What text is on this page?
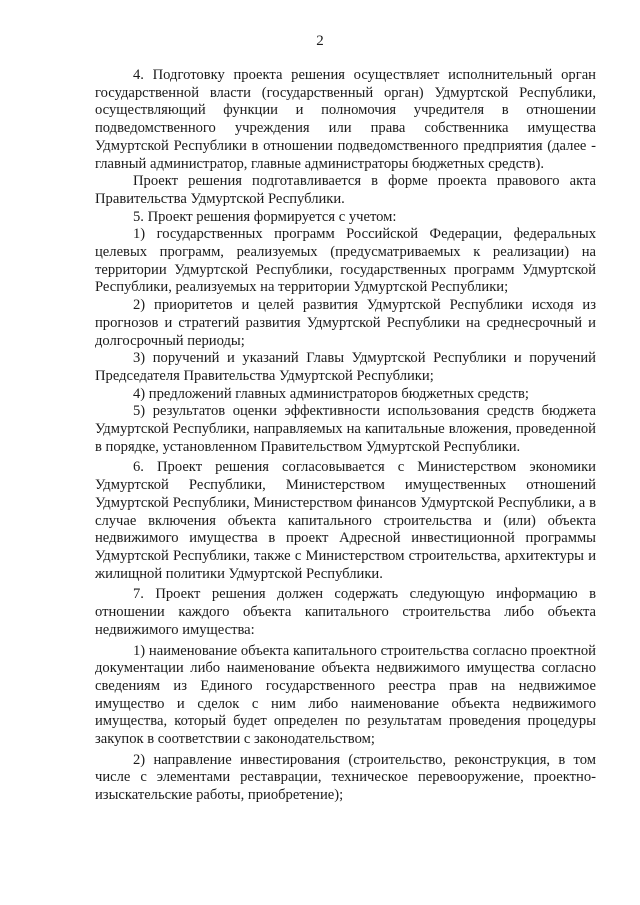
2

4. Подготовку проекта решения осуществляет исполнительный орган государственной власти (государственный орган) Удмуртской Республики, осуществляющий функции и полномочия учредителя в отношении подведомственного учреждения или права собственника имущества Удмуртской Республики в отношении подведомственного предприятия (далее - главный администратор, главные администраторы бюджетных средств).

Проект решения подготавливается в форме проекта правового акта Правительства Удмуртской Республики.

5. Проект решения формируется с учетом:

1) государственных программ Российской Федерации, федеральных целевых программ, реализуемых (предусматриваемых к реализации) на территории Удмуртской Республики, государственных программ Удмуртской Республики, реализуемых на территории Удмуртской Республики;

2) приоритетов и целей развития Удмуртской Республики исходя из прогнозов и стратегий развития Удмуртской Республики на среднесрочный и долгосрочный периоды;

3) поручений и указаний Главы Удмуртской Республики и поручений Председателя Правительства Удмуртской Республики;

4) предложений главных администраторов бюджетных средств;

5) результатов оценки эффективности использования средств бюджета Удмуртской Республики, направляемых на капитальные вложения, проведенной в порядке, установленном Правительством Удмуртской Республики.

6. Проект решения согласовывается с Министерством экономики Удмуртской Республики, Министерством имущественных отношений Удмуртской Республики, Министерством финансов Удмуртской Республики, а в случае включения объекта капитального строительства и (или) объекта недвижимого имущества в проект Адресной инвестиционной программы Удмуртской Республики, также с Министерством строительства, архитектуры и жилищной политики Удмуртской Республики.

7. Проект решения должен содержать следующую информацию в отношении каждого объекта капитального строительства либо объекта недвижимого имущества:

1) наименование объекта капитального строительства согласно проектной документации либо наименование объекта недвижимого имущества согласно сведениям из Единого государственного реестра прав на недвижимое имущество и сделок с ним либо наименование объекта недвижимого имущества, который будет определен по результатам проведения процедуры закупок в соответствии с законодательством;

2) направление инвестирования (строительство, реконструкция, в том числе с элементами реставрации, техническое перевооружение, проектно-изыскательские работы, приобретение);
